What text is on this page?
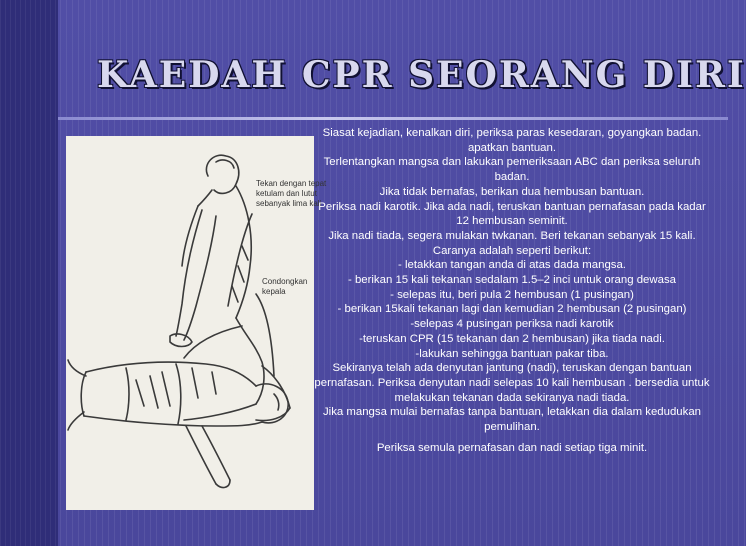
KAEDAH CPR SEORANG DIRI
Tekan dengan tepat ketulam dan lutut sebanyak lima kali
Condongkan kepala

Siasat kejadian, kenalkan diri, periksa paras kesedaran, goyangkan badan. apatkan bantuan.

Terlentangkan mangsa dan lakukan pemeriksaan ABC dan periksa seluruh badan.

Jika tidak bernafas, berikan dua hembusan bantuan.

Periksa nadi karotik. Jika ada nadi, teruskan bantuan pernafasan pada kadar 12 hembusan seminit.

Jika nadi tiada, segera mulakan twkanan. Beri tekanan sebanyak 15 kali. Caranya adalah seperti berikut:

- letakkan tangan anda di atas dada mangsa.

- berikan 15 kali tekanan sedalam 1.5–2 inci untuk orang dewasa

- selepas itu, beri pula 2 hembusan (1 pusingan)

- berikan 15kali tekanan lagi dan kemudian 2 hembusan (2 pusingan)

-selepas 4 pusingan periksa nadi karotik

-teruskan CPR (15 tekanan dan 2 hembusan) jika tiada nadi.

-lakukan sehingga bantuan pakar tiba.

Sekiranya telah ada denyutan jantung (nadi), teruskan dengan bantuan pernafasan. Periksa denyutan nadi selepas 10 kali hembusan . bersedia untuk melakukan tekanan dada sekiranya nadi tiada.

Jika mangsa mulai bernafas tanpa bantuan, letakkan dia dalam kedudukan pemulihan.

Periksa semula pernafasan dan nadi setiap tiga minit.
